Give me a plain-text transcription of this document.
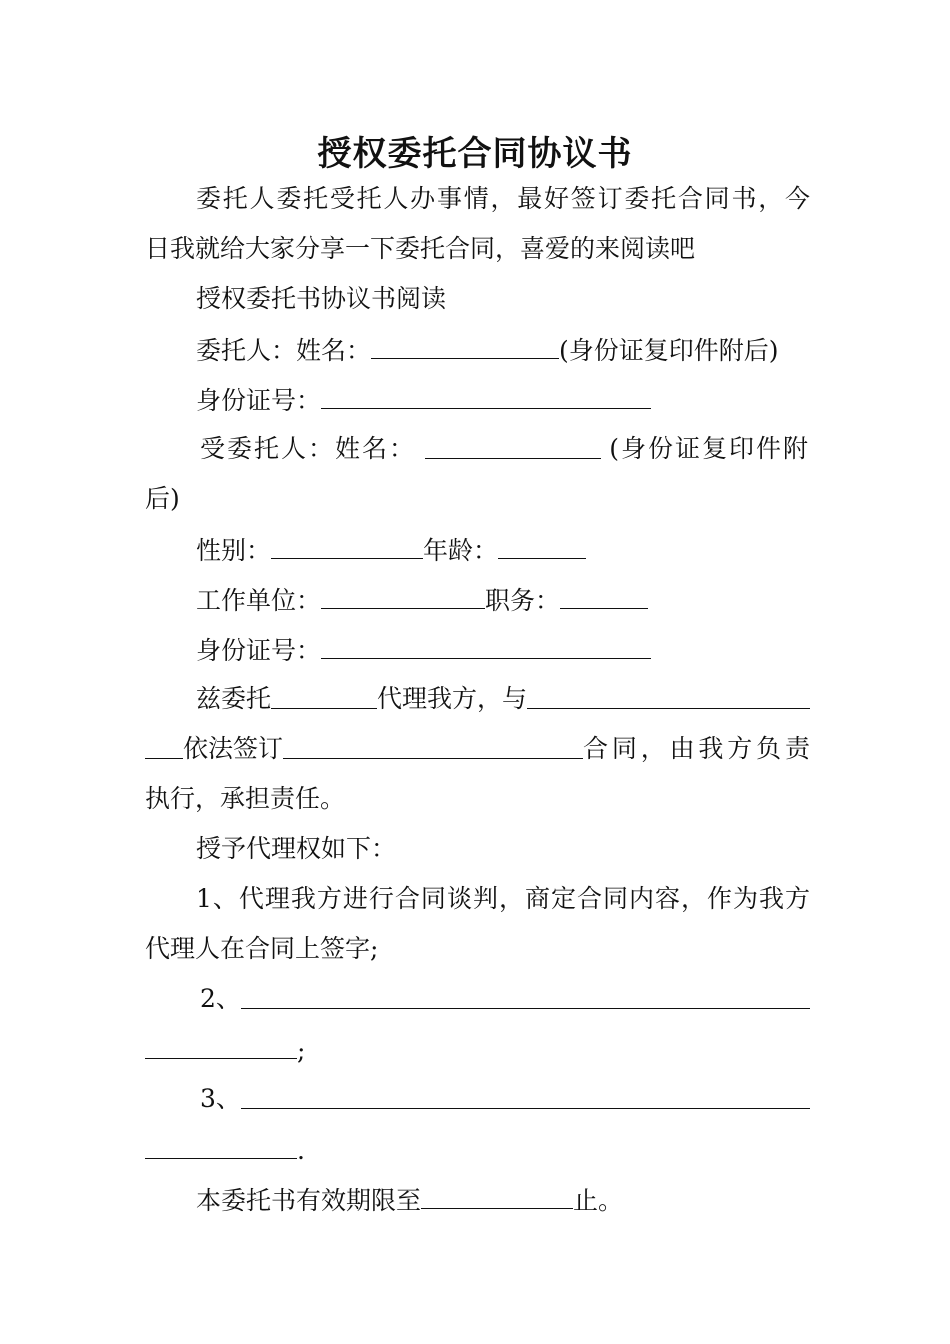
授权委托合同协议书

委托人委托受托人办事情，最好签订委托合同书，今

日我就给大家分享一下委托合同，喜爱的来阅读吧

授权委托书协议书阅读

委托人：姓名：	(身份证复印件附后)

身份证号：

受委托人：姓名：	(身份证复印件附

后)

性别：	年龄：

工作单位：	职务：

身份证号：

兹委托	代理我方，与

依法签订	合同，由我方负责

执行，承担责任。

授予代理权如下：

1、代理我方进行合同谈判，商定合同内容，作为我方

代理人在合同上签字;

2、

;

3、

.

本委托书有效期限至	止。
